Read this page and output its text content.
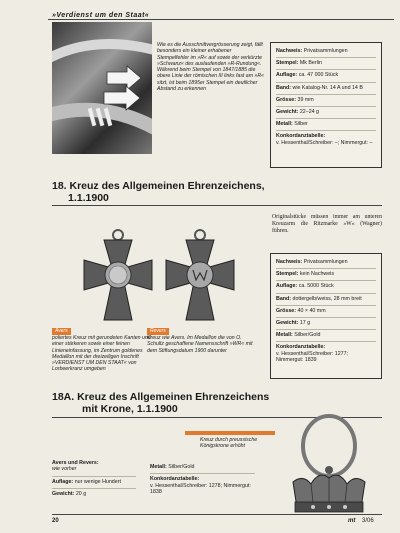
»Verdienst um den Staat«
Wie es die Ausschnittvergrösserung zeigt, fällt besonders ein kleiner erhabener Stempelfehler im »R« auf sowie der verkürzte »Schwanz« des auslaufenden »R-Rundung«. Während beim Stempel von 1847/1885 die obere Linie der römischen III links fast am »R« sitzt, ist beim 1895er Stempel ein deutlicher Abstand zu erkennen
Nachweis: Privatsammlungen
Stempel: Mk Berlin
Auflage: ca. 47 000 Stück
Band: wie Katalog-Nr. 14 A und 14 B
Grösse: 39 mm
Gewicht: 22–24 g
Metall: Silber
Konkordanztabelle:
v. Hessenthal/Schreiber: –; Nimmergut: –
18. Kreuz des Allgemeinen Ehrenzeichens,
1.1.1900
Originalstücke müssen immer am unteren Kreuzarm die Ritzmarke »W« (Wagner) führen.
Avers
poliertes Kreuz mit gerundeten Kanten und einer stärkeren sowie einer feinen Linieneinfassung, im Zentrum goldenes Medaillon mit der dreizeiligen Inschrift »VERDIENST UM DEN STAAT« von Lorbeerkranz umgeben
Revers
Kreuz wie Avers. Im Medaillon die von O. Schultz geschaffene Namensschrift »WR« mit dem Stiftungsdatum 1900 darunter
Nachweis: Privatsammlungen
Stempel: kein Nachweis
Auflage: ca. 5000 Stück
Band: dottergelb/weiss, 28 mm breit
Grösse: 40 × 40 mm
Gewicht: 17 g
Metall: Silber/Gold
Konkordanztabelle:
v. Hessenthal/Schreiber: 1277; Nimmergut: 1839
18A. Kreuz des Allgemeinen Ehrenzeichens
mit Krone, 1.1.1900
Kreuz durch preussische Königskrone erhöht
Avers und Revers:
wie vorher
Auflage: nur wenige Hundert
Gewicht: 20 g
Metall: Silber/Gold
Konkordanztabelle:
v. Hessenthal/Schreiber: 1278; Nimmergut: 1838
20	mt 3/06
